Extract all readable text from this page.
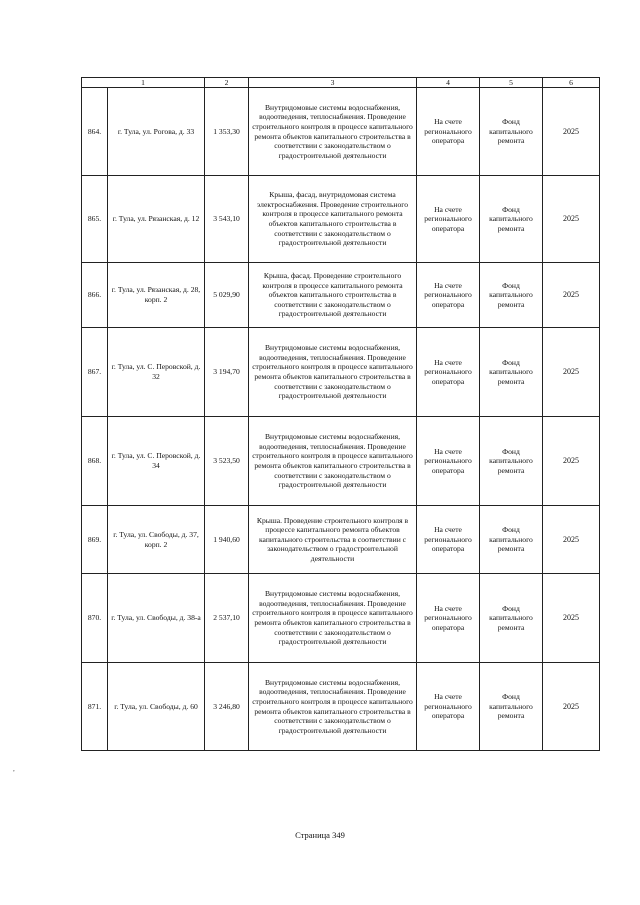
1		2	3	4	5	6
864.	г. Тула, ул. Рогова, д. 33	1 353,30	Внутридомовые системы водоснабжения, водоотведения, теплоснабжения. Проведение строительного контроля в процессе капитального ремонта объектов капитального строительства в соответствии с законодательством о градостроительной деятельности	На счете регионального оператора	Фонд капитального ремонта	2025
865.	г. Тула, ул. Рязанская, д. 12	3 543,10	Крыша, фасад, внутридомовая система электроснабжения. Проведение строительного контроля в процессе капитального ремонта объектов капитального строительства в соответствии с законодательством о градостроительной деятельности	На счете регионального оператора	Фонд капитального ремонта	2025
866.	г. Тула, ул. Рязанская, д. 28, корп. 2	5 029,90	Крыша, фасад. Проведение строительного контроля в процессе капитального ремонта объектов капитального строительства в соответствии с законодательством о градостроительной деятельности	На счете регионального оператора	Фонд капитального ремонта	2025
867.	г. Тула, ул. С. Перовской, д. 32	3 194,70	Внутридомовые системы водоснабжения, водоотведения, теплоснабжения. Проведение строительного контроля в процессе капитального ремонта объектов капитального строительства в соответствии с законодательством о градостроительной деятельности	На счете регионального оператора	Фонд капитального ремонта	2025
868.	г. Тула, ул. С. Перовской, д. 34	3 523,50	Внутридомовые системы водоснабжения, водоотведения, теплоснабжения. Проведение строительного контроля в процессе капитального ремонта объектов капитального строительства в соответствии с законодательством о градостроительной деятельности	На счете регионального оператора	Фонд капитального ремонта	2025
869.	г. Тула, ул. Свободы, д. 37, корп. 2	1 940,60	Крыша. Проведение строительного контроля в процессе капитального ремонта объектов капитального строительства в соответствии с законодательством о градостроительной деятельности	На счете регионального оператора	Фонд капитального ремонта	2025
870.	г. Тула, ул. Свободы, д. 38-а	2 537,10	Внутридомовые системы водоснабжения, водоотведения, теплоснабжения. Проведение строительного контроля в процессе капитального ремонта объектов капитального строительства в соответствии с законодательством о градостроительной деятельности	На счете регионального оператора	Фонд капитального ремонта	2025
871.	г. Тула, ул. Свободы, д. 60	3 246,80	Внутридомовые системы водоснабжения, водоотведения, теплоснабжения. Проведение строительного контроля в процессе капитального ремонта объектов капитального строительства в соответствии с законодательством о градостроительной деятельности	На счете регионального оператора	Фонд капитального ремонта	2025
,
Страница 349
